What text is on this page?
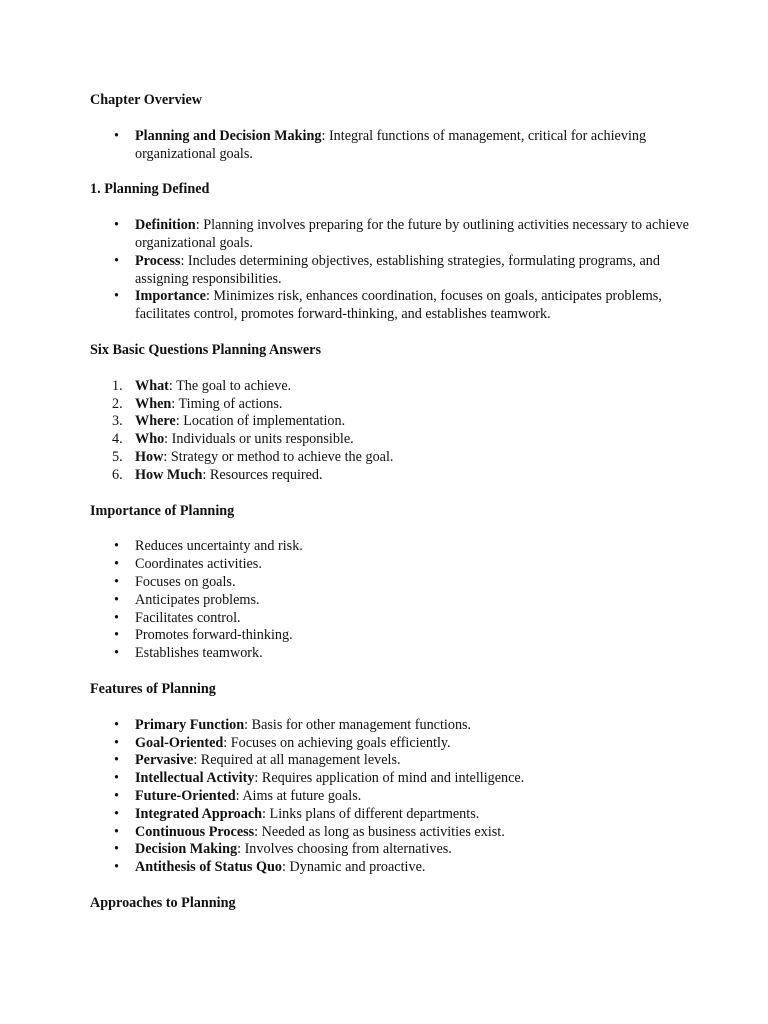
Chapter Overview

• Planning and Decision Making: Integral functions of management, critical for achieving organizational goals.

1. Planning Defined

• Definition: Planning involves preparing for the future by outlining activities necessary to achieve organizational goals.
• Process: Includes determining objectives, establishing strategies, formulating programs, and assigning responsibilities.
• Importance: Minimizes risk, enhances coordination, focuses on goals, anticipates problems, facilitates control, promotes forward-thinking, and establishes teamwork.

Six Basic Questions Planning Answers

1. What: The goal to achieve.
2. When: Timing of actions.
3. Where: Location of implementation.
4. Who: Individuals or units responsible.
5. How: Strategy or method to achieve the goal.
6. How Much: Resources required.

Importance of Planning

• Reduces uncertainty and risk.
• Coordinates activities.
• Focuses on goals.
• Anticipates problems.
• Facilitates control.
• Promotes forward-thinking.
• Establishes teamwork.

Features of Planning

• Primary Function: Basis for other management functions.
• Goal-Oriented: Focuses on achieving goals efficiently.
• Pervasive: Required at all management levels.
• Intellectual Activity: Requires application of mind and intelligence.
• Future-Oriented: Aims at future goals.
• Integrated Approach: Links plans of different departments.
• Continuous Process: Needed as long as business activities exist.
• Decision Making: Involves choosing from alternatives.
• Antithesis of Status Quo: Dynamic and proactive.

Approaches to Planning
